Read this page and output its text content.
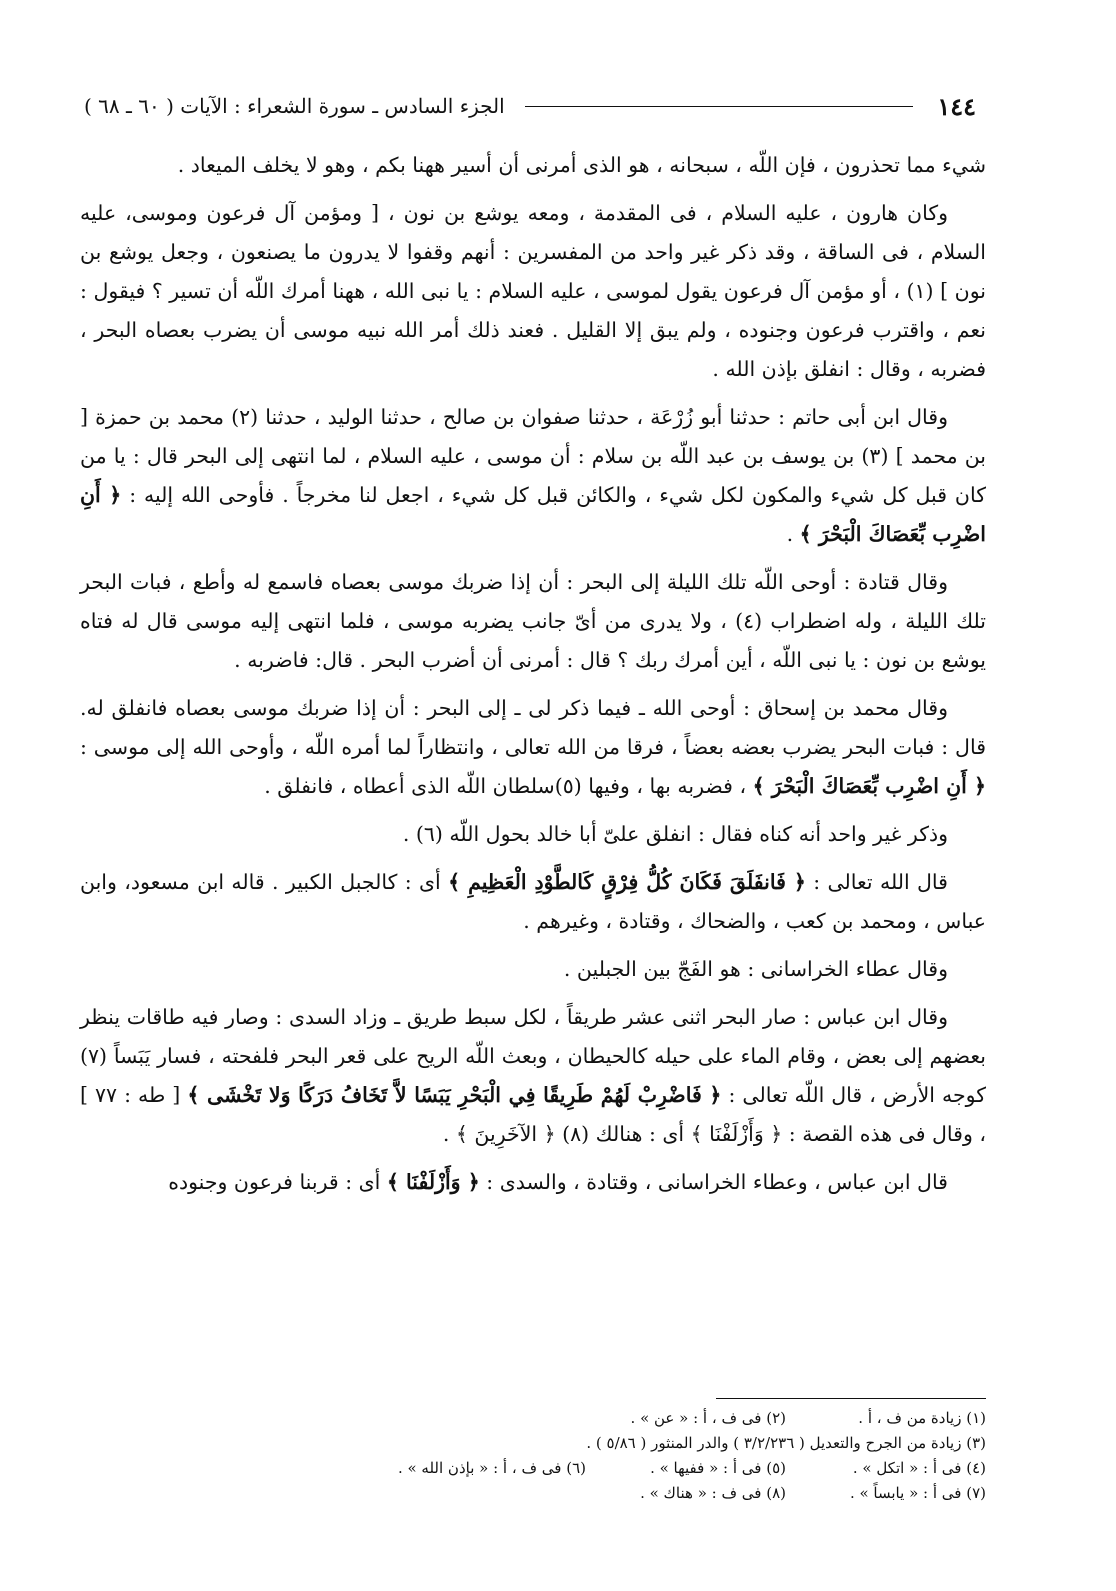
١٤٤
الجزء السادس ـ سورة الشعراء : الآيات ( ٦٠ ـ ٦٨ )

شيء مما تحذرون ، فإن اللّه ، سبحانه ، هو الذى أمرنى أن أسير ههنا بكم ، وهو لا يخلف الميعاد .

وكان هارون ، عليه السلام ، فى المقدمة ، ومعه يوشع بن نون ، [ ومؤمن آل فرعون وموسى، عليه السلام ، فى الساقة ، وقد ذكر غير واحد من المفسرين : أنهم وقفوا لا يدرون ما يصنعون ، وجعل يوشع بن نون ] (١) ، أو مؤمن آل فرعون يقول لموسى ، عليه السلام : يا نبى الله ، ههنا أمرك اللّه أن تسير ؟ فيقول : نعم ، واقترب فرعون وجنوده ، ولم يبق إلا القليل . فعند ذلك أمر الله نبيه موسى أن يضرب بعصاه البحر ، فضربه ، وقال : انفلق بإذن الله .

وقال ابن أبى حاتم : حدثنا أبو زُرْعَة ، حدثنا صفوان بن صالح ، حدثنا الوليد ، حدثنا (٢) محمد بن حمزة [ بن محمد ] (٣) بن يوسف بن عبد اللّه بن سلام : أن موسى ، عليه السلام ، لما انتهى إلى البحر قال : يا من كان قبل كل شيء والمكون لكل شيء ، والكائن قبل كل شيء ، اجعل لنا مخرجاً . فأوحى الله إليه : ﴿ أَنِ اضْرِب بِّعَصَاكَ الْبَحْرَ ﴾ .

وقال قتادة : أوحى اللّه تلك الليلة إلى البحر : أن إذا ضربك موسى بعصاه فاسمع له وأطع ، فبات البحر تلك الليلة ، وله اضطراب (٤) ، ولا يدرى من أىّ جانب يضربه موسى ، فلما انتهى إليه موسى قال له فتاه يوشع بن نون : يا نبى اللّه ، أين أمرك ربك ؟ قال : أمرنى أن أضرب البحر . قال: فاضربه .

وقال محمد بن إسحاق : أوحى الله ـ فيما ذكر لى ـ إلى البحر : أن إذا ضربك موسى بعصاه فانفلق له. قال : فبات البحر يضرب بعضه بعضاً ، فرقا من الله تعالى ، وانتظاراً لما أمره اللّه ، وأوحى الله إلى موسى : ﴿ أَنِ اضْرِب بِّعَصَاكَ الْبَحْرَ ﴾ ، فضربه بها ، وفيها (٥)سلطان اللّه الذى أعطاه ، فانفلق .

وذكر غير واحد أنه كناه فقال : انفلق علىّ أبا خالد بحول اللّه (٦) .

قال الله تعالى : ﴿ فَانفَلَقَ فَكَانَ كُلُّ فِرْقٍ كَالطَّوْدِ الْعَظِيمِ ﴾ أى : كالجبل الكبير . قاله ابن مسعود، وابن عباس ، ومحمد بن كعب ، والضحاك ، وقتادة ، وغيرهم .

وقال عطاء الخراسانى : هو الفَجّ بين الجبلين .

وقال ابن عباس : صار البحر اثنى عشر طريقاً ، لكل سبط طريق ـ وزاد السدى : وصار فيه طاقات ينظر بعضهم إلى بعض ، وقام الماء على حيله كالحيطان ، وبعث اللّه الريح على قعر البحر فلفحته ، فسار يَبَساً (٧) كوجه الأرض ، قال اللّه تعالى : ﴿ فَاضْرِبْ لَهُمْ طَرِيقًا فِي الْبَحْرِ يَبَسًا لاَّ تَخَافُ دَرَكًا وَلا تَخْشَى ﴾ [ طه : ٧٧ ] ، وقال فى هذه القصة : ﴿ وَأَزْلَفْنَا ﴾ أى : هنالك (٨) ﴿ الآخَرِينَ ﴾ .

قال ابن عباس ، وعطاء الخراسانى ، وقتادة ، والسدى : ﴿ وَأَزْلَفْنَا ﴾ أى : قربنا فرعون وجنوده

(١) زيادة من ف ، أ .
(٢) فى ف ، أ : « عن » .
(٣) زيادة من الجرح والتعديل ( ٣/٢/٢٣٦ ) والدر المنثور ( ٥/٨٦ ) .
(٤) فى أ : « اتكل » .
(٥) فى أ : « ففيها » .
(٦) فى ف ، أ : « بإذن الله » .
(٧) فى أ : « يابساً » .
(٨) فى ف : « هناك » .
